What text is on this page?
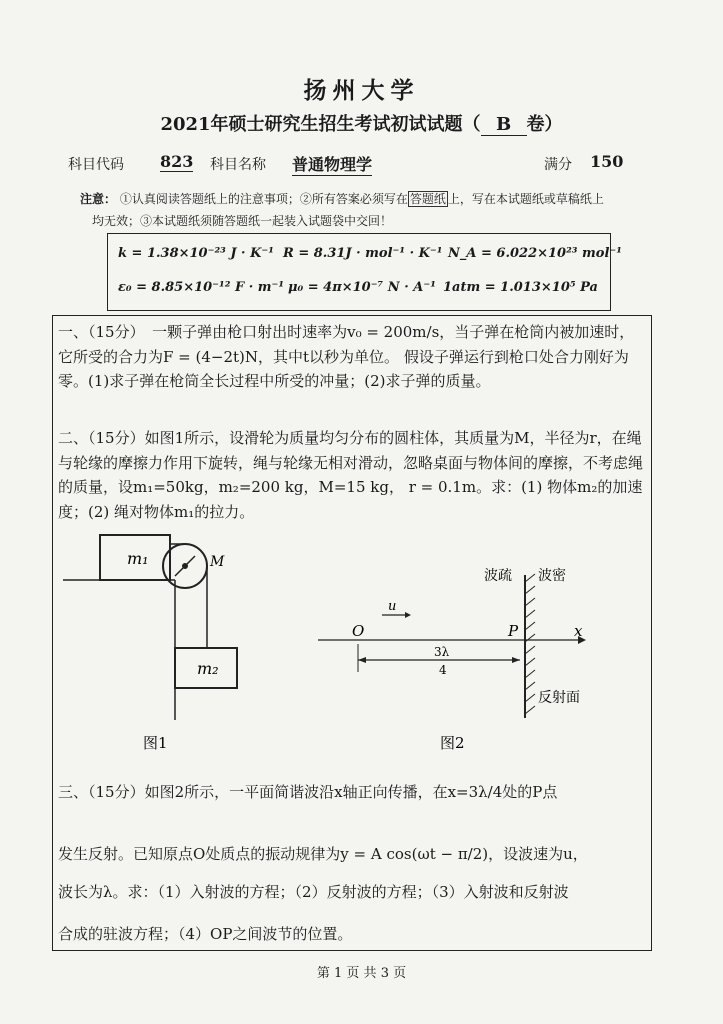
扬州大学
2021年硕士研究生招生考试初试试题（ B 卷）
科目代码 823 科目名称 普通物理学	满分 150
注意： ①认真阅读答题纸上的注意事项；②所有答案必须写在 答题纸 上，写在本试题纸或草稿纸上
均无效；③本试题纸须随答题纸一起装入试题袋中交回！
k = 1.38×10⁻²³ J · K⁻¹ R = 8.31J · mol⁻¹ · K⁻¹ N_A = 6.022×10²³ mol⁻¹
ε₀ = 8.85×10⁻¹² F · m⁻¹ μ₀ = 4π×10⁻⁷ N · A⁻¹ 1atm = 1.013×10⁵ Pa
一、（15分）　一颗子弹由枪口射出时速率为v₀ = 200m/s，当子弹在枪筒内被加速时，它所受的合力为F = (4−2t)N，其中t以秒为单位。 假设子弹运行到枪口处合力刚好为零。(1)求子弹在枪筒全长过程中所受的冲量；(2)求子弹的质量。
二、（15分）如图1所示，设滑轮为质量均匀分布的圆柱体，其质量为M，半径为r，在绳与轮缘的摩擦力作用下旋转，绳与轮缘无相对滑动，忽略桌面与物体间的摩擦，不考虑绳的质量，设m₁=50kg，m₂=200 kg，M=15 kg， r = 0.1m。求：(1) 物体m₂的加速度；(2) 绳对物体m₁的拉力。
m₁
m₂
M
图1
波疏 波密
u
O	P	x
3λ
4
反射面
图2
三、（15分）如图2所示，一平面简谐波沿x轴正向传播，在x=3λ/4处的P点
发生反射。已知原点O处质点的振动规律为y = A cos(ωt − π/2)，设波速为u，
波长为λ。求：（1）入射波的方程；（2）反射波的方程；（3）入射波和反射波
合成的驻波方程；（4）OP之间波节的位置。
第 1 页 共 3 页
